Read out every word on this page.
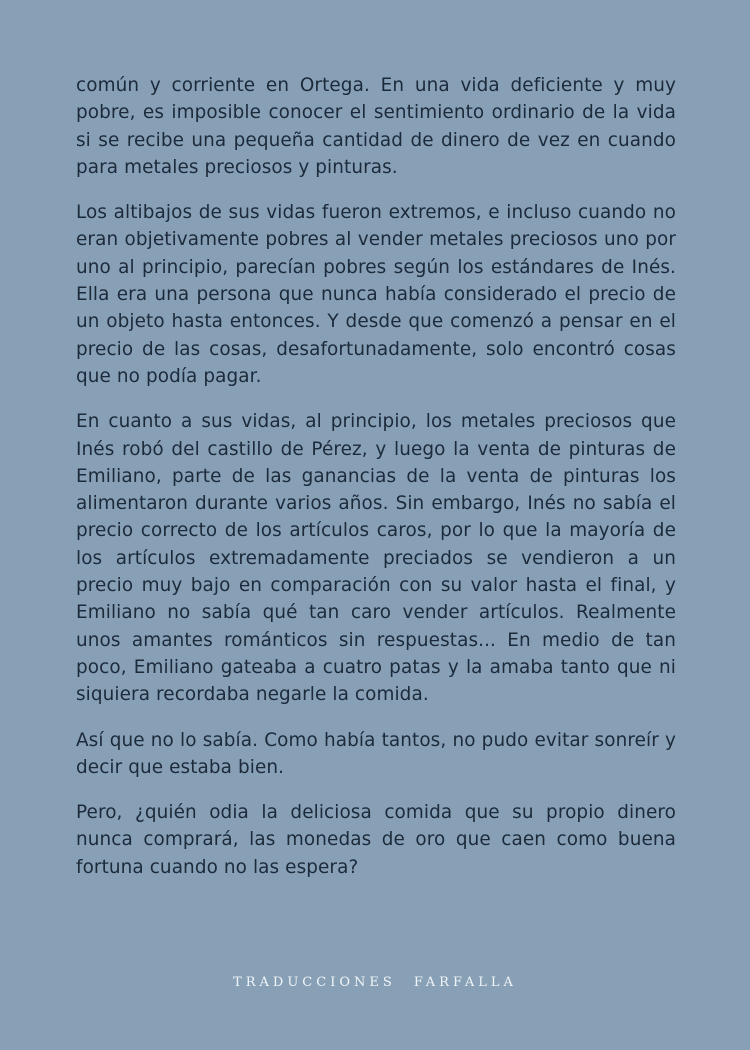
común y corriente en Ortega. En una vida deficiente y muy pobre, es imposible conocer el sentimiento ordinario de la vida si se recibe una pequeña cantidad de dinero de vez en cuando para metales preciosos y pinturas.

Los altibajos de sus vidas fueron extremos, e incluso cuando no eran objetivamente pobres al vender metales preciosos uno por uno al principio, parecían pobres según los estándares de Inés. Ella era una persona que nunca había considerado el precio de un objeto hasta entonces. Y desde que comenzó a pensar en el precio de las cosas, desafortunadamente, solo encontró cosas que no podía pagar.

En cuanto a sus vidas, al principio, los metales preciosos que Inés robó del castillo de Pérez, y luego la venta de pinturas de Emiliano, parte de las ganancias de la venta de pinturas los alimentaron durante varios años. Sin embargo, Inés no sabía el precio correcto de los artículos caros, por lo que la mayoría de los artículos extremadamente preciados se vendieron a un precio muy bajo en comparación con su valor hasta el final, y Emiliano no sabía qué tan caro vender artículos. Realmente unos amantes románticos sin respuestas... En medio de tan poco, Emiliano gateaba a cuatro patas y la amaba tanto que ni siquiera recordaba negarle la comida.

Así que no lo sabía. Como había tantos, no pudo evitar sonreír y decir que estaba bien.

Pero, ¿quién odia la deliciosa comida que su propio dinero nunca comprará, las monedas de oro que caen como buena fortuna cuando no las espera?

TRADUCCIONES FARFALLA
